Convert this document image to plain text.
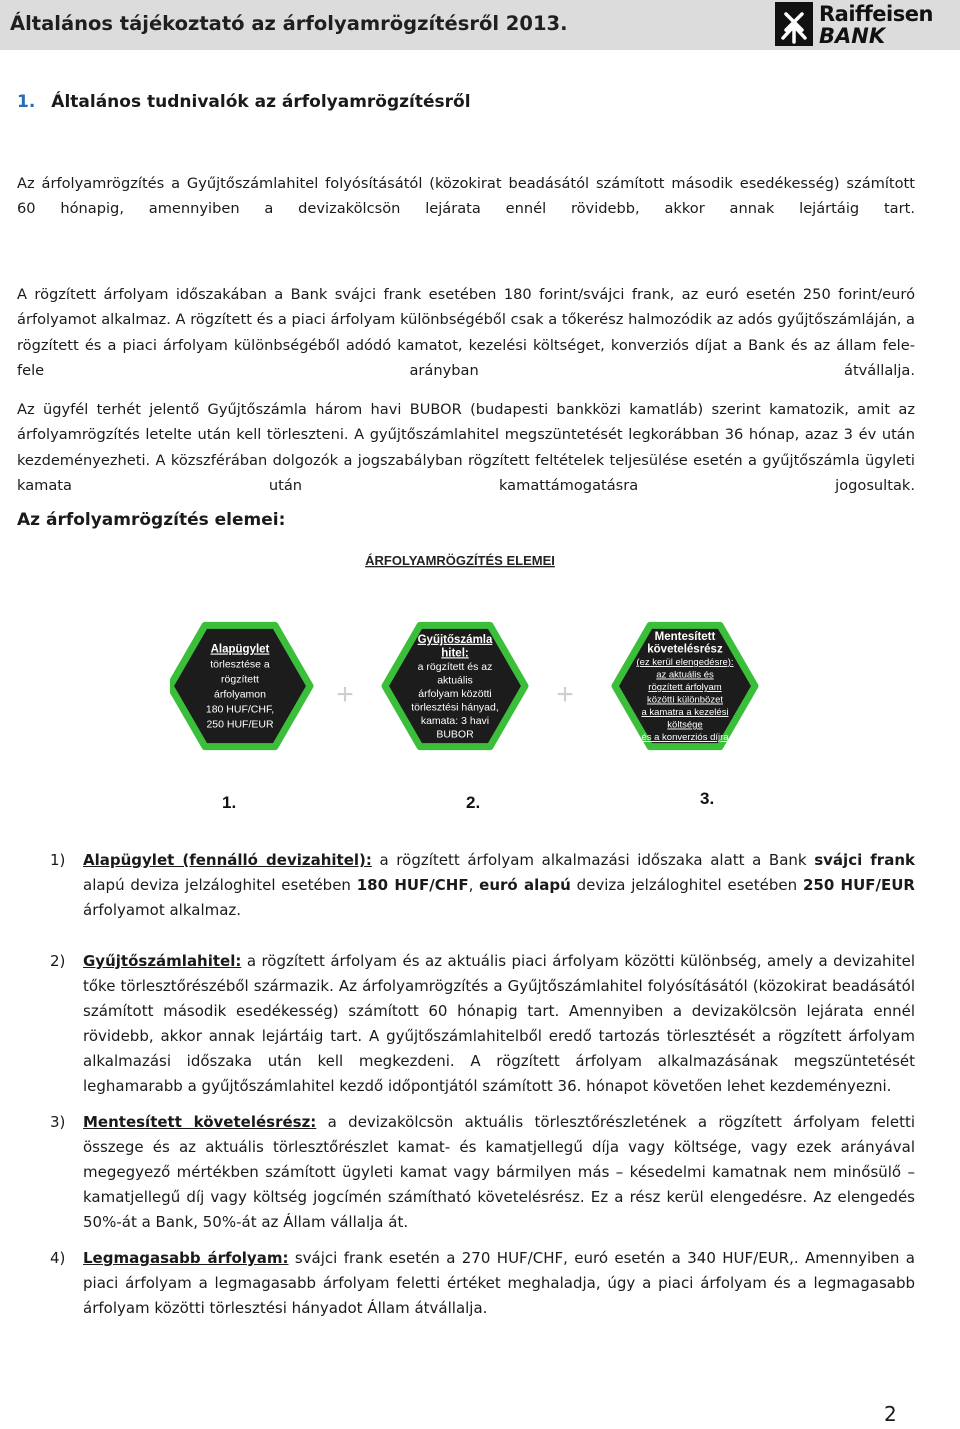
Általános tájékoztató az árfolyamrögzítésről 2013.	Raiffeisen
BANK
1. Általános tudnivalók az árfolyamrögzítésről
Az árfolyamrögzítés a Gyűjtőszámlahitel folyósításától (közokirat beadásától számított második esedékesség) számított 60 hónapig, amennyiben a devizakölcsön lejárata ennél rövidebb, akkor annak lejártáig tart.
A rögzített árfolyam időszakában a Bank svájci frank esetében 180 forint/svájci frank, az euró esetén 250 forint/euró árfolyamot alkalmaz. A rögzített és a piaci árfolyam különbségéből csak a tőkerész halmozódik az adós gyűjtőszámláján, a rögzített és a piaci árfolyam különbségéből adódó kamatot, kezelési költséget, konverziós díjat a Bank és az állam fele-fele arányban átvállalja.
Az ügyfél terhét jelentő Gyűjtőszámla három havi BUBOR (budapesti bankközi kamatláb) szerint kamatozik, amit az árfolyamrögzítés letelte után kell törleszteni. A gyűjtőszámlahitel megszüntetését legkorábban 36 hónap, azaz 3 év után kezdeményezheti. A közszférában dolgozók a jogszabályban rögzített feltételek teljesülése esetén a gyűjtőszámla ügyleti kamata után kamattámogatásra jogosultak.
Az árfolyamrögzítés elemei:
ÁRFOLYAMRÖGZÍTÉS ELEMEI
Alapügylet
törlesztése a
rögzített
árfolyamon
180 HUF/CHF,
250 HUF/EUR
1.
Gyűjtőszámla
hitel:
a rögzített és az
aktuális
árfolyam közötti
törlesztési hányad,
kamata: 3 havi
BUBOR
2.
Mentesített
követelésrész
(ez kerül elengedésre):
az aktuális és
rögzített árfolyam
közötti különbözet
a kamatra a kezelési
költsége
és a konverziós díjra
3.
+	+
1) Alapügylet (fennálló devizahitel): a rögzített árfolyam alkalmazási időszaka alatt a Bank svájci frank alapú deviza jelzáloghitel esetében 180 HUF/CHF, euró alapú deviza jelzáloghitel esetében 250 HUF/EUR árfolyamot alkalmaz.
2) Gyűjtőszámlahitel: a rögzített árfolyam és az aktuális piaci árfolyam közötti különbség, amely a devizahitel tőke törlesztőrészéből származik. Az árfolyamrögzítés a Gyűjtőszámlahitel folyósításától (közokirat beadásától számított második esedékesség) számított 60 hónapig tart. Amennyiben a devizakölcsön lejárata ennél rövidebb, akkor annak lejártáig tart. A gyűjtőszámlahitelből eredő tartozás törlesztését a rögzített árfolyam alkalmazási időszaka után kell megkezdeni. A rögzített árfolyam alkalmazásának megszüntetését leghamarabb a gyűjtőszámlahitel kezdő időpontjától számított 36. hónapot követően lehet kezdeményezni.
3) Mentesített követelésrész: a devizakölcsön aktuális törlesztőrészletének a rögzített árfolyam feletti összege és az aktuális törlesztőrészlet kamat- és kamatjellegű díja vagy költsége, vagy ezek arányával megegyező mértékben számított ügyleti kamat vagy bármilyen más – késedelmi kamatnak nem minősülő – kamatjellegű díj vagy költség jogcímén számítható követelésrész. Ez a rész kerül elengedésre. Az elengedés 50%-át a Bank, 50%-át az Állam vállalja át.
4) Legmagasabb árfolyam: svájci frank esetén a 270 HUF/CHF, euró esetén a 340 HUF/EUR,. Amennyiben a piaci árfolyam a legmagasabb árfolyam feletti értéket meghaladja, úgy a piaci árfolyam és a legmagasabb árfolyam közötti törlesztési hányadot Állam átvállalja.
2
